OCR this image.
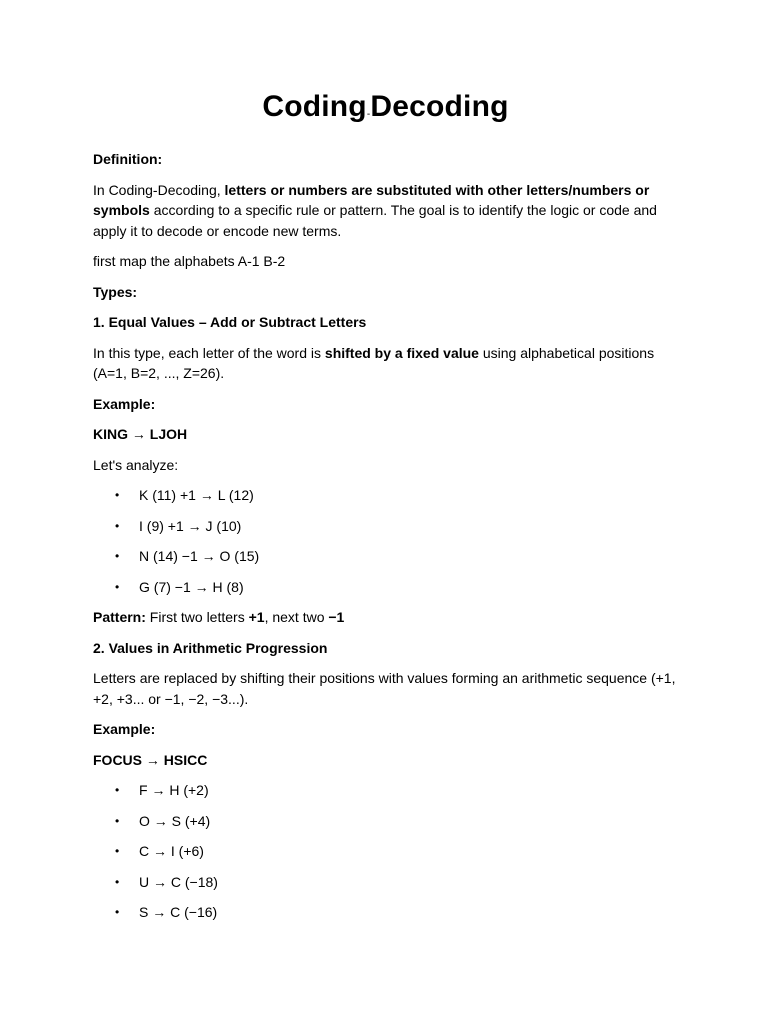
Coding-Decoding

Definition:

In Coding-Decoding, letters or numbers are substituted with other letters/numbers or symbols according to a specific rule or pattern. The goal is to identify the logic or code and apply it to decode or encode new terms.

first map the alphabets A-1 B-2

Types:

1. Equal Values – Add or Subtract Letters

In this type, each letter of the word is shifted by a fixed value using alphabetical positions (A=1, B=2, ..., Z=26).

Example:

KING → LJOH

Let's analyze:

• K (11) +1 → L (12)
• I (9) +1 → J (10)
• N (14) −1 → O (15)
• G (7) −1 → H (8)

Pattern: First two letters +1, next two −1

2. Values in Arithmetic Progression

Letters are replaced by shifting their positions with values forming an arithmetic sequence (+1, +2, +3... or −1, −2, −3...).

Example:

FOCUS → HSICC

• F → H (+2)
• O → S (+4)
• C → I (+6)
• U → C (−18)
• S → C (−16)
